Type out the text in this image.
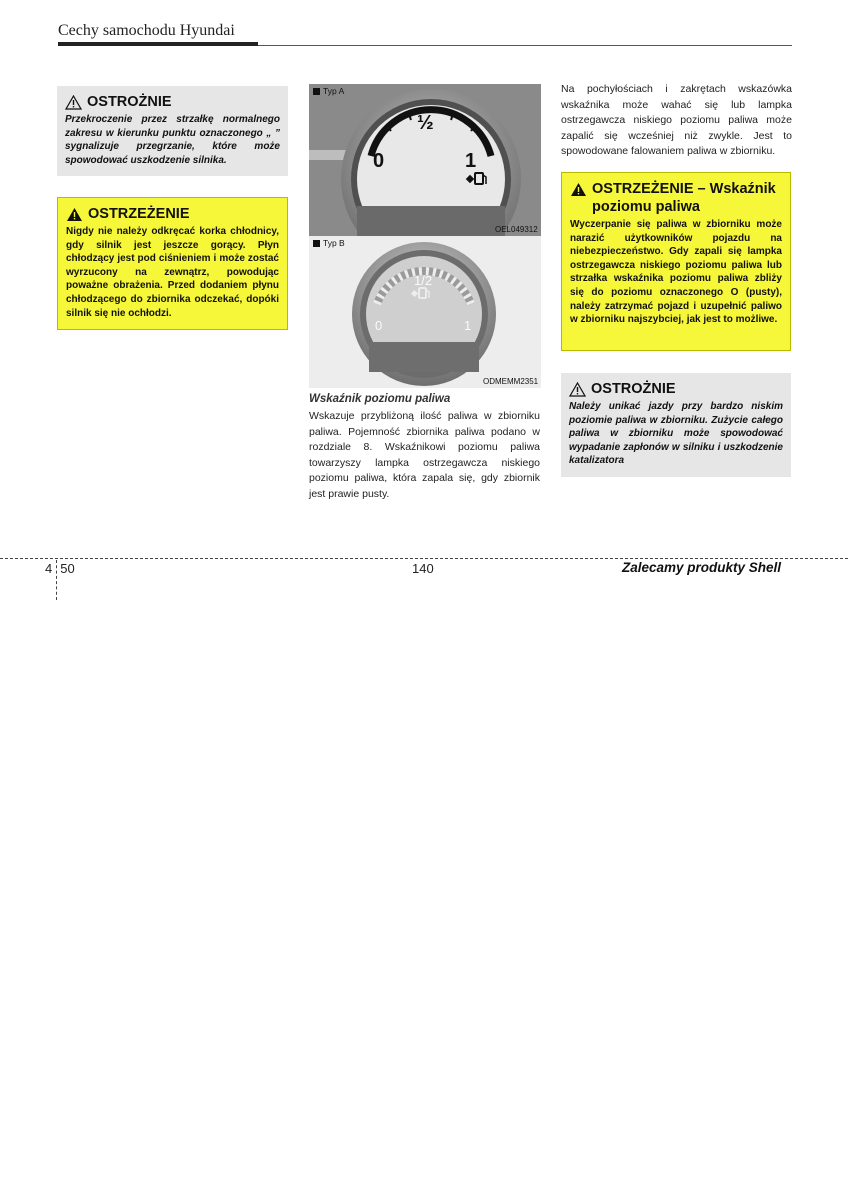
Cechy samochodu Hyundai
OSTROŻNIE
Przekroczenie przez strzałkę normalnego zakresu w kierunku punktu oznaczonego „ ” sygnalizuje przegrzanie, które może spowodować uszkodzenie silnika.
OSTRZEŻENIE
Nigdy nie należy odkręcać korka chłodnicy, gdy silnik jest jeszcze gorący. Płyn chłodzący jest pod ciśnieniem i może zostać wyrzucony na zewnątrz, powodując poważne obrażenia. Przed dodaniem płynu chłodzącego do zbiornika odczekać, dopóki silnik się nie ochłodzi.
Typ A
0
½
1
OEL049312
Typ B
0
1/2
1
ODMEMM2351
Wskaźnik poziomu paliwa
Wskazuje przybliżoną ilość paliwa w zbiorniku paliwa. Pojemność zbiornika paliwa podano w rozdziale 8. Wskaźnikowi poziomu paliwa towarzyszy lampka ostrzegawcza niskiego poziomu paliwa, która zapala się, gdy zbiornik jest prawie pusty.
Na pochyłościach i zakrętach wskazówka wskaźnika może wahać się lub lampka ostrzegawcza niskiego poziomu paliwa może zapalić się wcześniej niż zwykle. Jest to spowodowane falowaniem paliwa w zbiorniku.
OSTRZEŻENIE – Wskaźnik poziomu paliwa
Wyczerpanie się paliwa w zbiorniku może narazić użytkowników pojazdu na niebezpieczeństwo. Gdy zapali się lampka ostrzegawcza niskiego poziomu paliwa lub strzałka wskaźnika poziomu paliwa zbliży się do poziomu oznaczonego O (pusty), należy zatrzymać pojazd i uzupełnić paliwo w zbiorniku najszybciej, jak jest to możliwe.
OSTROŻNIE
Należy unikać jazdy przy bardzo niskim poziomie paliwa w zbiorniku. Zużycie całego paliwa w zbiorniku może spowodować wypadanie zapłonów w silniku i uszkodzenie katalizatora
4 50	140	Zalecamy produkty Shell
